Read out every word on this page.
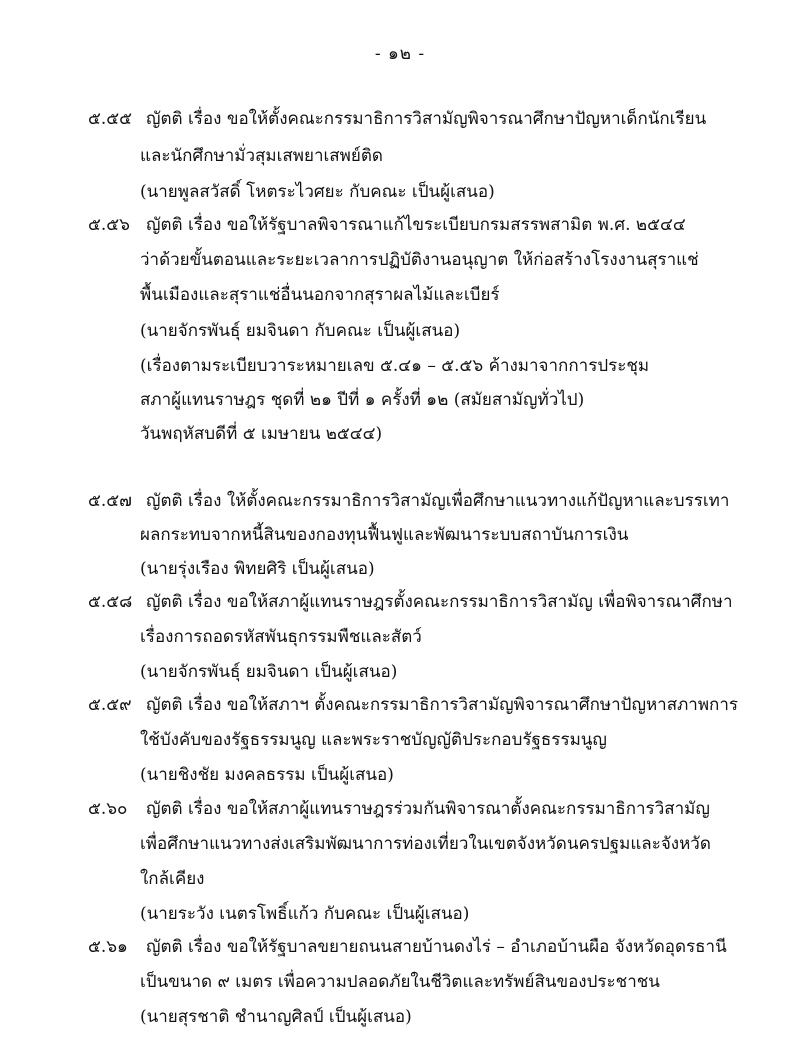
- ๑๒ -
๕.๕๕ ญัตติ เรื่อง ขอให้ตั้งคณะกรรมาธิการวิสามัญพิจารณาศึกษาปัญหาเด็กนักเรียน
และนักศึกษามั่วสุมเสพยาเสพย์ติด
(นายพูลสวัสดิ์ โหตระไวศยะ กับคณะ เป็นผู้เสนอ)
๕.๕๖ ญัตติ เรื่อง ขอให้รัฐบาลพิจารณาแก้ไขระเบียบกรมสรรพสามิต พ.ศ. ๒๕๔๔
ว่าด้วยขั้นตอนและระยะเวลาการปฏิบัติงานอนุญาต ให้ก่อสร้างโรงงานสุราแช่
พื้นเมืองและสุราแช่อื่นนอกจากสุราผลไม้และเบียร์
(นายจักรพันธุ์ ยมจินดา กับคณะ เป็นผู้เสนอ)
(เรื่องตามระเบียบวาระหมายเลข ๕.๔๑ – ๕.๕๖ ค้างมาจากการประชุม
สภาผู้แทนราษฎร ชุดที่ ๒๑ ปีที่ ๑ ครั้งที่ ๑๒ (สมัยสามัญทั่วไป)
วันพฤหัสบดีที่ ๕ เมษายน ๒๕๔๔)
๕.๕๗ ญัตติ เรื่อง ให้ตั้งคณะกรรมาธิการวิสามัญเพื่อศึกษาแนวทางแก้ปัญหาและบรรเทา
ผลกระทบจากหนี้สินของกองทุนฟื้นฟูและพัฒนาระบบสถาบันการเงิน
(นายรุ่งเรือง พิทยศิริ เป็นผู้เสนอ)
๕.๕๘ ญัตติ เรื่อง ขอให้สภาผู้แทนราษฎรตั้งคณะกรรมาธิการวิสามัญ เพื่อพิจารณาศึกษา
เรื่องการถอดรหัสพันธุกรรมพืชและสัตว์
(นายจักรพันธุ์ ยมจินดา เป็นผู้เสนอ)
๕.๕๙ ญัตติ เรื่อง ขอให้สภาฯ ตั้งคณะกรรมาธิการวิสามัญพิจารณาศึกษาปัญหาสภาพการ
ใช้บังคับของรัฐธรรมนูญ และพระราชบัญญัติประกอบรัฐธรรมนูญ
(นายชิงชัย มงคลธรรม เป็นผู้เสนอ)
๕.๖๐	ญัตติ เรื่อง ขอให้สภาผู้แทนราษฎรร่วมกันพิจารณาตั้งคณะกรรมาธิการวิสามัญ
เพื่อศึกษาแนวทางส่งเสริมพัฒนาการท่องเที่ยวในเขตจังหวัดนครปฐมและจังหวัด
ใกล้เคียง
(นายระวัง เนตรโพธิ์แก้ว กับคณะ เป็นผู้เสนอ)
๕.๖๑	ญัตติ เรื่อง ขอให้รัฐบาลขยายถนนสายบ้านดงไร่ – อำเภอบ้านผือ จังหวัดอุดรธานี
เป็นขนาด ๙ เมตร เพื่อความปลอดภัยในชีวิตและทรัพย์สินของประชาชน
(นายสุรชาติ ชำนาญศิลป์ เป็นผู้เสนอ)
